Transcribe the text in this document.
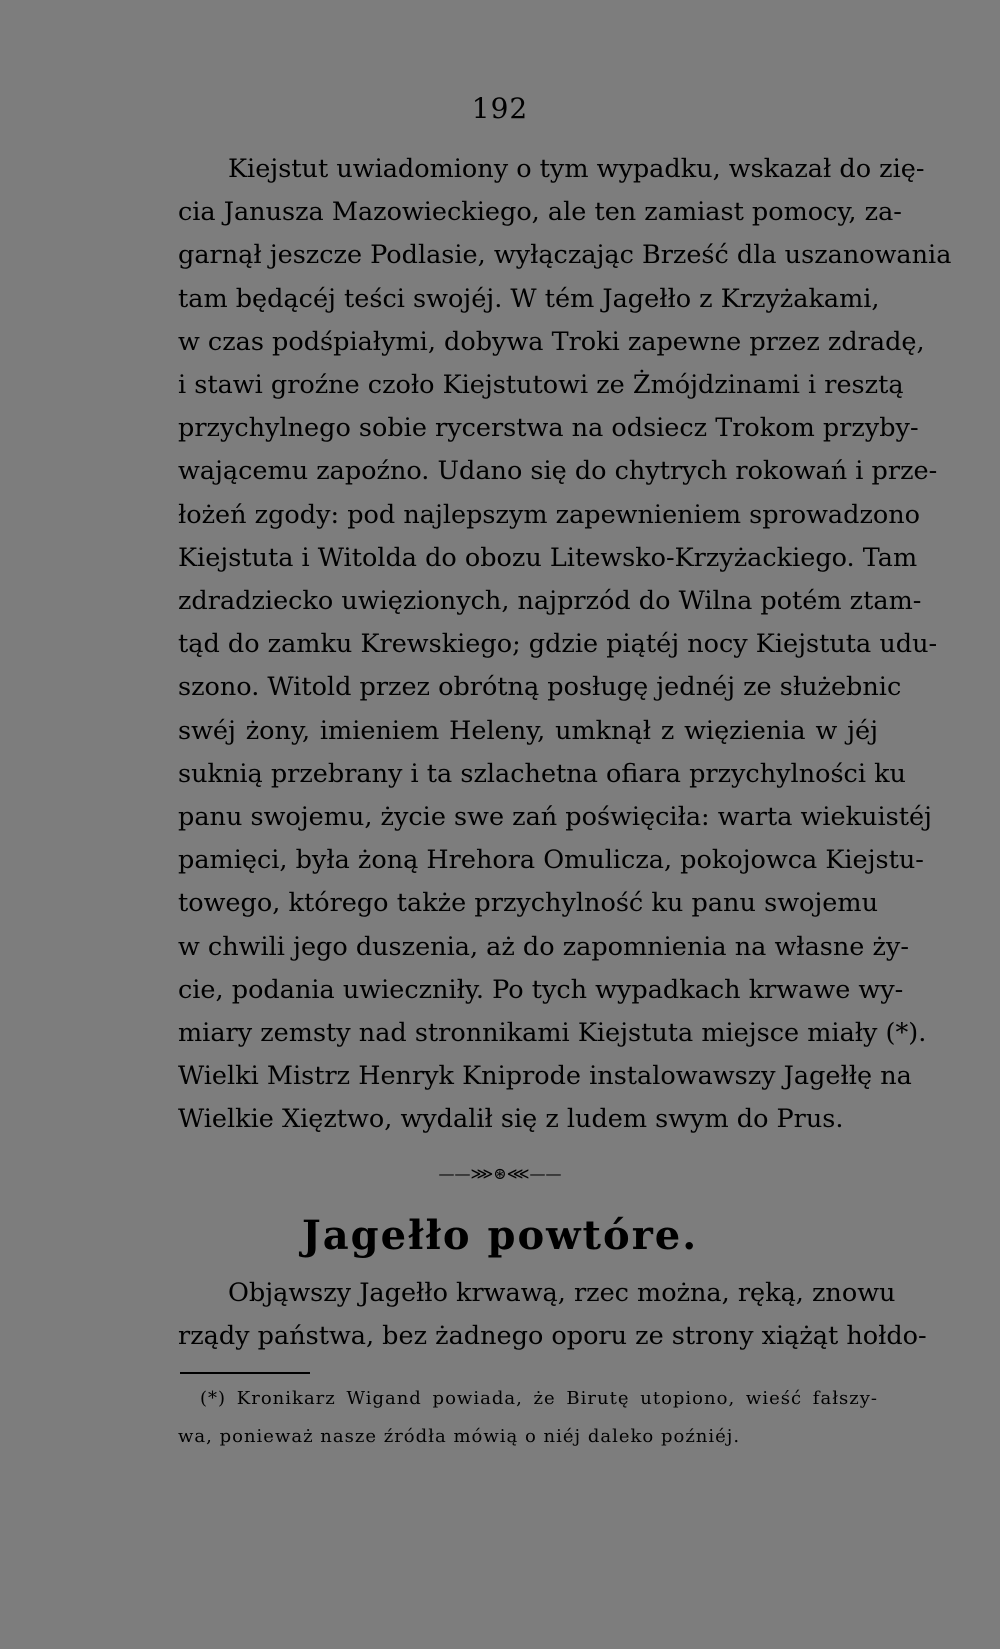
192
Kiejstut uwiadomiony o tym wypadku, wskazał do zię-
cia Janusza Mazowieckiego, ale ten zamiast pomocy, za-
garnął jeszcze Podlasie, wyłączając Brześć dla uszanowania
tam będącéj teści swojéj. W tém Jagełło z Krzyżakami,
w czas podśpiałymi, dobywa Troki zapewne przez zdradę,
i stawi groźne czoło Kiejstutowi ze Żmójdzinami i resztą
przychylnego sobie rycerstwa na odsiecz Trokom przyby-
wającemu zapoźno. Udano się do chytrych rokowań i prze-
łożeń zgody: pod najlepszym zapewnieniem sprowadzono
Kiejstuta i Witolda do obozu Litewsko-Krzyżackiego. Tam
zdradziecko uwięzionych, najprzód do Wilna potém ztam-
tąd do zamku Krewskiego; gdzie piątéj nocy Kiejstuta udu-
szono. Witold przez obrótną posługę jednéj ze służebnic
swéj żony, imieniem Heleny, umknął z więzienia w jéj
suknią przebrany i ta szlachetna ofiara przychylności ku
panu swojemu, życie swe zań poświęciła: warta wiekuistéj
pamięci, była żoną Hrehora Omulicza, pokojowca Kiejstu-
towego, którego także przychylność ku panu swojemu
w chwili jego duszenia, aż do zapomnienia na własne ży-
cie, podania uwieczniły. Po tych wypadkach krwawe wy-
miary zemsty nad stronnikami Kiejstuta miejsce miały (*).
Wielki Mistrz Henryk Kniprode instalowawszy Jagełłę na
Wielkie Xięztwo, wydalił się z ludem swym do Prus.
——⋙⊛⋘——
Jagełło powtóre.
Objąwszy Jagełło krwawą, rzec można, ręką, znowu
rządy państwa, bez żadnego oporu ze strony xiążąt hołdo-
(*) Kronikarz Wigand powiada, że Birutę utopiono, wieść fałszy-
wa, ponieważ nasze źródła mówią o niéj daleko poźniéj.
